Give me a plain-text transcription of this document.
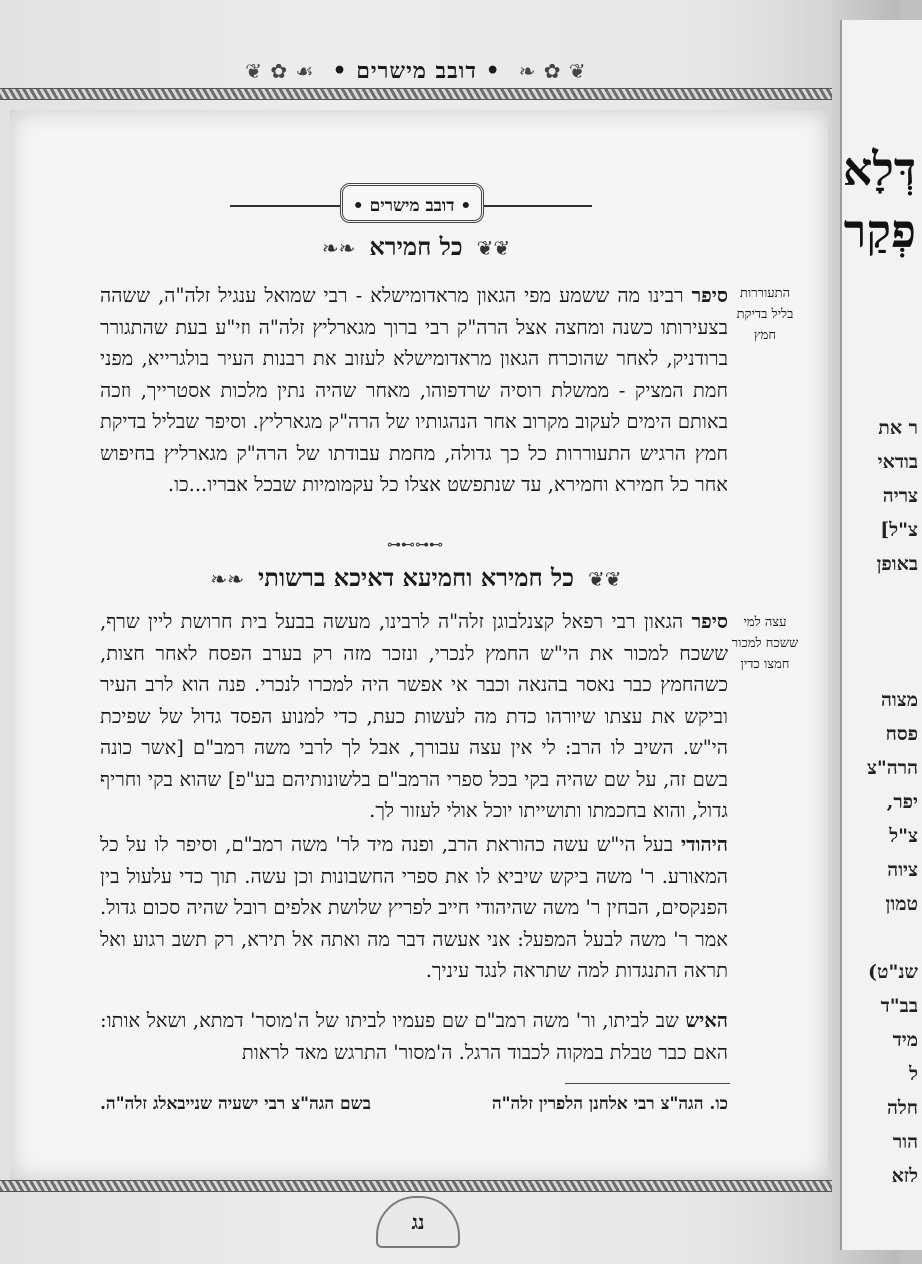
דְּלָא
פְקַר
ר את
בודאי
צריה
צ"ל]
באופן
מצוה
פסח
הרה"צ
יפר,
צ"ל
ציוה
טמון
שנ"ט)
בב"ד
מיד
ל
חלה
הור
לזא
❦ ✿ ❧• דובב מישרים •☙ ✿ ❦
• דובב מישרים •
❦❦כל חמירא❧❧
התעוררות בליל בדיקת חמץ
סיפר רבינו מה ששמע מפי הגאון מראדומישלא - רבי שמואל ענגיל זלה"ה, ששהה בצעירותו כשנה ומחצה אצל הרה"ק רבי ברוך מגארליץ זלה"ה וזי"ע בעת שהתגורר ברודניק, לאחר שהוכרח הגאון מראדומישלא לעזוב את רבנות העיר בולגרייא, מפני חמת המציק - ממשלת רוסיה שרדפוהו, מאחר שהיה נתין מלכות אסטרייך, וזכה באותם הימים לעקוב מקרוב אחר הנהגותיו של הרה"ק מגארליץ. וסיפר שבליל בדיקת חמץ הרגיש התעוררות כל כך גדולה, מחמת עבודתו של הרה"ק מגארליץ בחיפוש אחר כל חמירא וחמירא, עד שנתפשט אצלו כל עקמומיות שבכל אבריו...כו.
⊶⊷⊶⊷
❦❦כל חמירא וחמיעא דאיכא ברשותי❧❧
עצה למי ששכח למכור חמצו כדין
סיפר הגאון רבי רפאל קצנלבוגן זלה"ה לרבינו, מעשה בבעל בית חרושת ליין שרף, ששכח למכור את הי"ש החמץ לנכרי, ונזכר מזה רק בערב הפסח לאחר חצות, כשהחמץ כבר נאסר בהנאה וכבר אי אפשר היה למכרו לנכרי. פנה הוא לרב העיר וביקש את עצתו שיורהו כדת מה לעשות כעת, כדי למנוע הפסד גדול של שפיכת הי"ש. השיב לו הרב: לי אין עצה עבורך, אבל לך לרבי משה רמב"ם [אשר כונה בשם זה, על שם שהיה בקי בכל ספרי הרמב"ם בלשונותיהם בע"פ] שהוא בקי וחריף גדול, והוא בחכמתו ותושייתו יוכל אולי לעזור לך.
היהודי בעל הי"ש עשה כהוראת הרב, ופנה מיד לר' משה רמב"ם, וסיפר לו על כל המאורע. ר' משה ביקש שיביא לו את ספרי החשבונות וכן עשה. תוך כדי עלעול בין הפנקסים, הבחין ר' משה שהיהודי חייב לפריץ שלושת אלפים רובל שהיה סכום גדול. אמר ר' משה לבעל המפעל: אני אעשה דבר מה ואתה אל תירא, רק תשב רגוע ואל תראה התנגדות למה שתראה לנגד עיניך.
האיש שב לביתו, ור' משה רמב"ם שם פעמיו לביתו של ה'מוסר' דמתא, ושאל אותו: האם כבר טבלת במקוה לכבוד הרגל. ה'מסור' התרגש מאד לראות
כו. הגה"צ רבי אלחנן הלפרין זלה"ה
בשם הגה"צ רבי ישעיה שנייבאלג זלה"ה.
נג
